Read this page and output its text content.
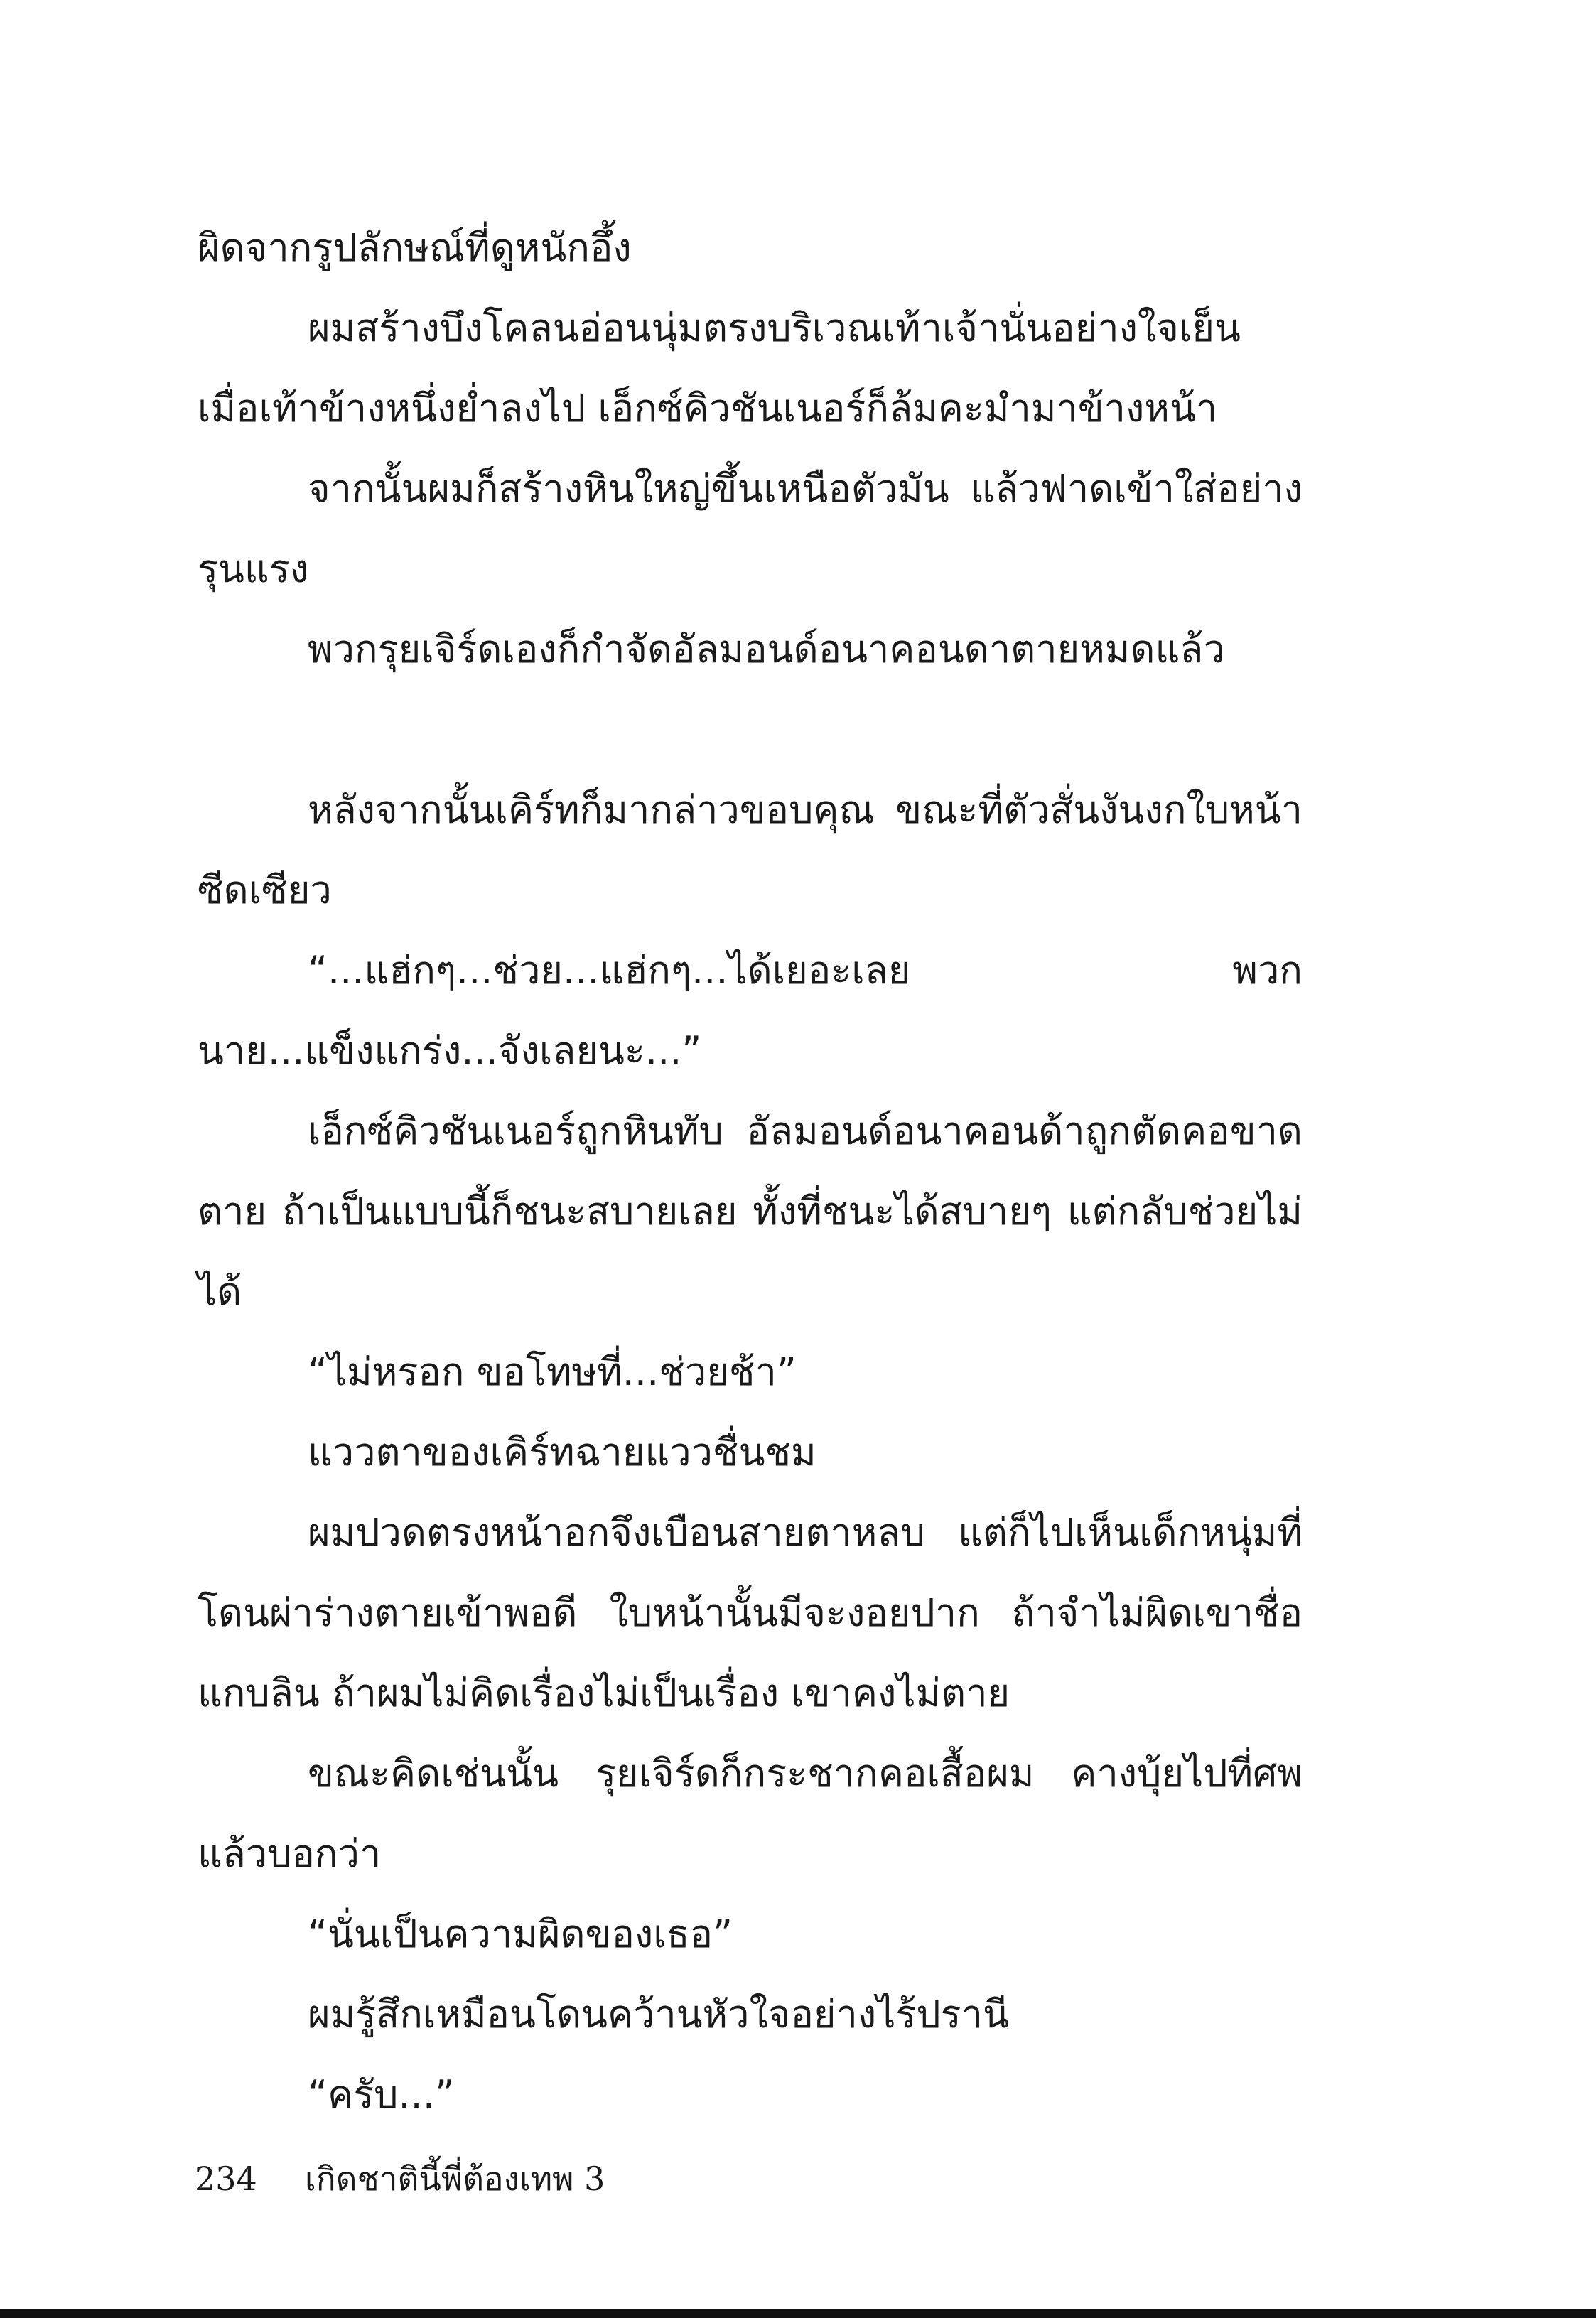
ผิดจากรูปลักษณ์ที่ดูหนักอึ้ง

ผมสร้างบึงโคลนอ่อนนุ่มตรงบริเวณเท้าเจ้านั่นอย่างใจเย็น เมื่อเท้าข้างหนึ่งย่ำลงไป เอ็กซ์คิวชันเนอร์ก็ล้มคะมำมาข้างหน้า

จากนั้นผมก็สร้างหินใหญ่ขึ้นเหนือตัวมัน แล้วฟาดเข้าใส่อย่างรุนแรง

พวกรุยเจิร์ดเองก็กำจัดอัลมอนด์อนาคอนดาตายหมดแล้ว

หลังจากนั้นเคิร์ทก็มากล่าวขอบคุณ ขณะที่ตัวสั่นงันงกใบหน้าซีดเซียว

“...แฮ่กๆ...ช่วย...แฮ่กๆ...ได้เยอะเลย พวกนาย...แข็งแกร่ง...จังเลยนะ...”

เอ็กซ์คิวชันเนอร์ถูกหินทับ อัลมอนด์อนาคอนด้าถูกตัดคอขาดตาย ถ้าเป็นแบบนี้ก็ชนะสบายเลย ทั้งที่ชนะได้สบายๆ แต่กลับช่วยไม่ได้

“ไม่หรอก ขอโทษที่...ช่วยช้า”

แววตาของเคิร์ทฉายแววชื่นชม

ผมปวดตรงหน้าอกจึงเบือนสายตาหลบ แต่ก็ไปเห็นเด็กหนุ่มที่โดนผ่าร่างตายเข้าพอดี ใบหน้านั้นมีจะงอยปาก ถ้าจำไม่ผิดเขาชื่อแกบลิน ถ้าผมไม่คิดเรื่องไม่เป็นเรื่อง เขาคงไม่ตาย

ขณะคิดเช่นนั้น รุยเจิร์ดก็กระชากคอเสื้อผม คางบุ้ยไปที่ศพแล้วบอกว่า

“นั่นเป็นความผิดของเธอ”

ผมรู้สึกเหมือนโดนคว้านหัวใจอย่างไร้ปรานี

“ครับ...”

234 เกิดชาตินี้พี่ต้องเทพ 3
